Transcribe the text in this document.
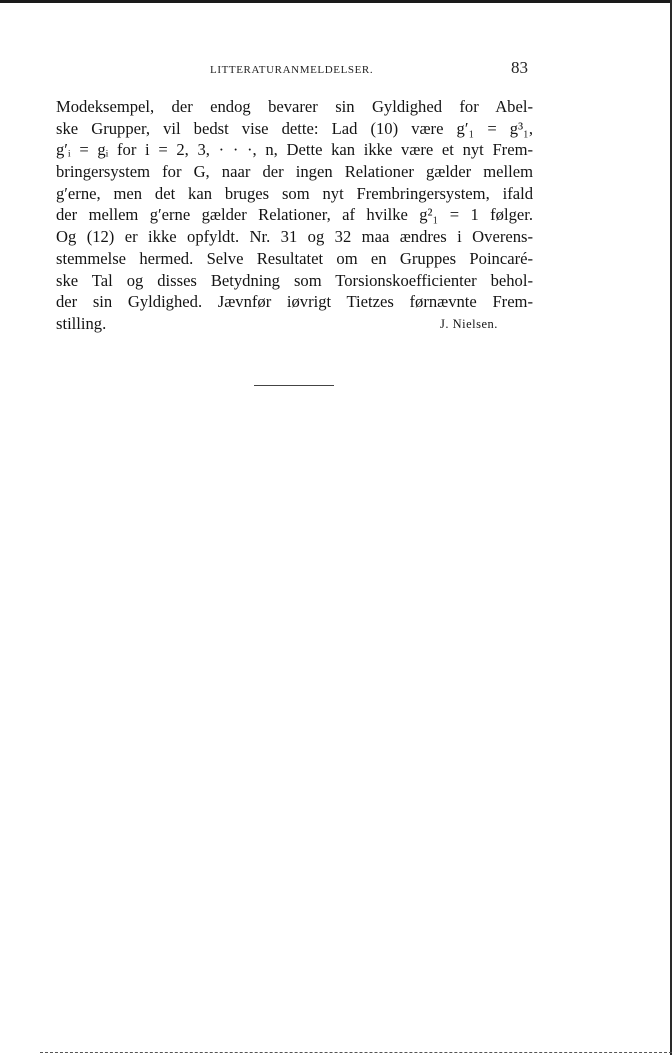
LITTERATURANMELDELSER.	83
Modeksempel, der endog bevarer sin Gyldighed for Abel-
ske Grupper, vil bedst vise dette: Lad (10) være g′₁ = g³₁,
g′ᵢ = gᵢ for i = 2, 3, · · ·, n, Dette kan ikke være et nyt Frem-
bringersystem for G, naar der ingen Relationer gælder mellem
g′erne, men det kan bruges som nyt Frembringersystem, ifald
der mellem g′erne gælder Relationer, af hvilke g²₁ = 1 følger.
Og (12) er ikke opfyldt. Nr. 31 og 32 maa ændres i Overens-
stemmelse hermed. Selve Resultatet om en Gruppes Poincaré-
ske Tal og disses Betydning som Torsionskoefficienter behol-
der sin Gyldighed. Jævnfør iøvrigt Tietzes førnævnte Frem-
stilling.	J. Nielsen.
